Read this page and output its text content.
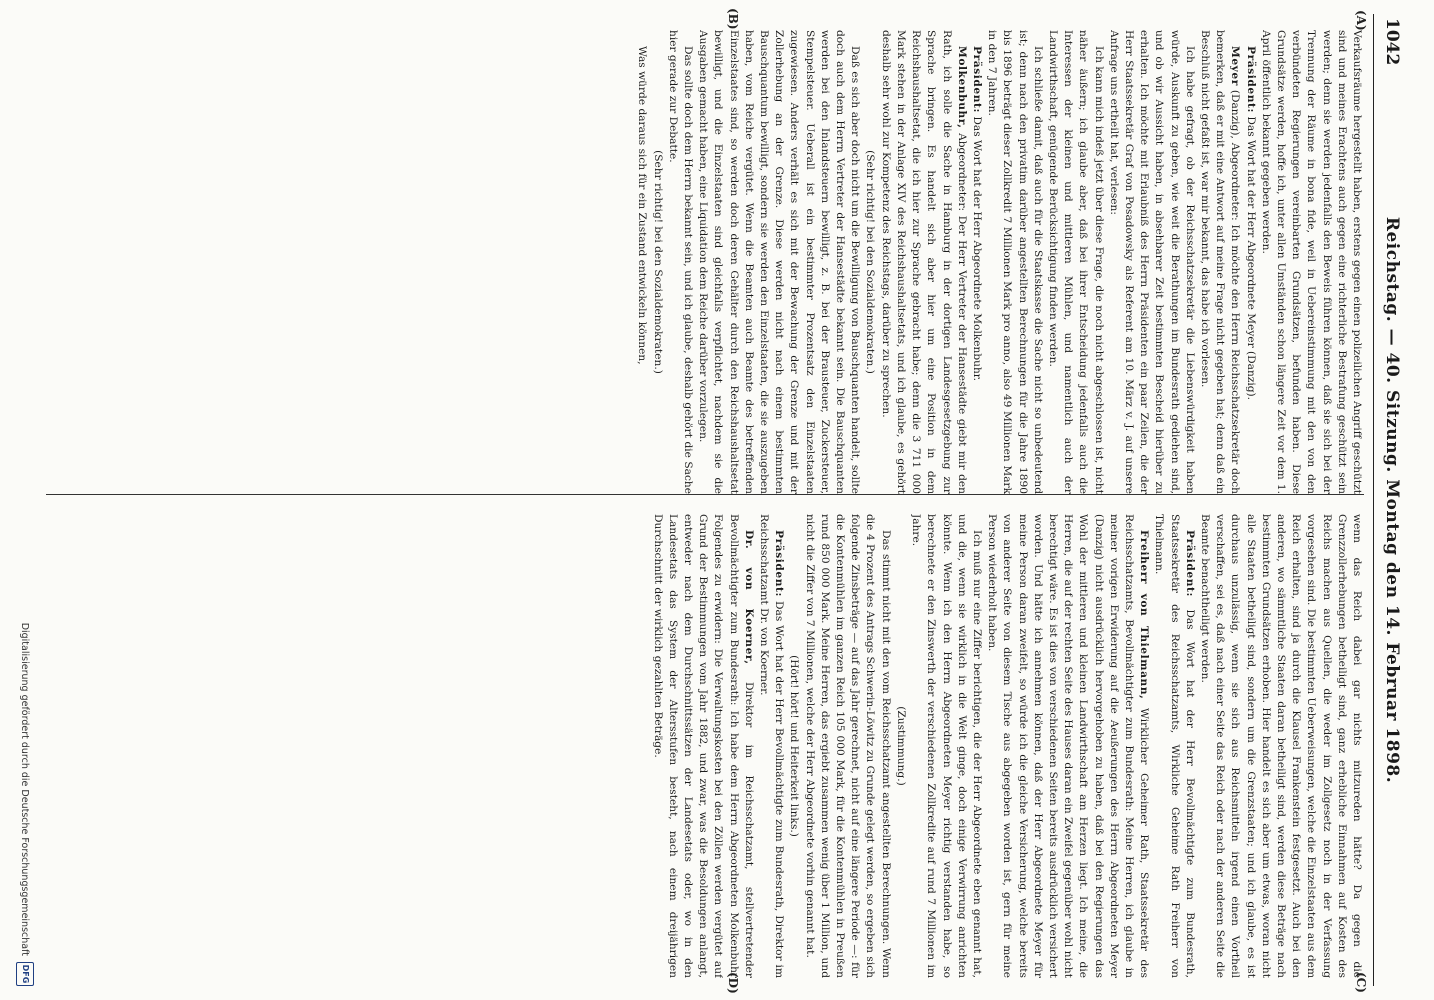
1042
Reichstag. — 40. Sitzung. Montag den 14. Februar 1898.
(A)
(B)
(C)
(D)

Verkaufsräume hergestellt haben, erstens gegen einen polizeilichen Angriff geschützt sind und meines Erachtens auch gegen eine richterliche Bestrafung geschützt sein werden; denn sie werden jedenfalls den Beweis führen können, daß sie sich bei der Trennung der Räume in bona fide, weil in Uebereinstimmung mit den von den verbündeten Regierungen vereinbarten Grundsätzen, befunden haben. Diese Grundsätze werden, hoffe ich, unter allen Umständen schon längere Zeit vor dem 1. April öffentlich bekannt gegeben werden.

Präsident: Das Wort hat der Herr Abgeordnete Meyer (Danzig).

Meyer (Danzig), Abgeordneter: Ich möchte den Herrn Reichsschatzsekretär doch bemerken, daß er mit eine Antwort auf meine Frage nicht gegeben hat; denn daß ein Beschluß nicht gefaßt ist, war mir bekannt, das habe ich vorlesen.

Ich habe gefragt, ob der Reichsschatzsekretär die Liebenswürdigkeit haben würde, Auskunft zu geben, wie weit die Berathungen im Bundesrath gediehen sind, und ob wir Aussicht haben, in absehbarer Zeit bestimmten Bescheid hierüber zu erhalten. Ich möchte mit Erlaubniß des Herrn Präsidenten ein paar Zeilen, die der Herr Staatssekretär Graf von Posadowsky als Referent am 10. März v. J. auf unsere Anfrage uns ertheilt hat, verlesen:

Ich kann mich indeß jetzt über diese Frage, die noch nicht abgeschlossen ist, nicht näher äußern; ich glaube aber, daß bei ihrer Entscheidung jedenfalls auch die Interessen der kleinen und mittleren Mühlen, und namentlich auch der Landwirthschaft, genügende Berücksichtigung finden werden.

Ich schließe damit, daß auch für die Staatskasse die Sache nicht so unbedeutend ist; denn nach den privatim darüber angestellten Berechnungen für die Jahre 1890 bis 1896 beträgt dieser Zollkredit 7 Millionen Mark pro anno, also 49 Millionen Mark in den 7 Jahren.

Präsident: Das Wort hat der Herr Abgeordnete Molkenbuhr.

Molkenbuhr, Abgeordneter: Der Herr Vertreter der Hansestädte giebt mir den Rath, ich solle die Sache in Hamburg in der dortigen Landesgesetzgebung zur Sprache bringen. Es handelt sich aber hier um eine Position in dem Reichshaushaltsetat, die ich hier zur Sprache gebracht habe; denn die 3 711 000 Mark stehen in der Anlage XIV des Reichshaushaltsetats, und ich glaube, es gehört deshalb sehr wohl zur Kompetenz des Reichstags, darüber zu sprechen.

(Sehr richtig! bei den Sozialdemokraten.)

Daß es sich aber doch nicht um die Bewilligung von Bauschquanten handelt, sollte doch auch dem Herrn Vertreter der Hansestädte bekannt sein. Die Bauschquanten werden bei den Inlandsteuern bewilligt, z. B. bei der Brausteuer, Zuckersteuer, Stempelsteuer. Ueberall ist ein bestimmter Prozentsatz den Einzelstaaten zugewiesen. Anders verhält es sich mit der Bewachung der Grenze und mit der Zollerhebung an der Grenze. Diese werden nicht nach einem bestimmten Bauschquantum bewilligt, sondern sie werden den Einzelstaaten, die sie auszugeben haben, vom Reiche vergütet. Wenn die Beamten auch Beamte des betreffenden Einzelstaates sind, so werden doch deren Gehälter durch den Reichshaushaltsetat bewilligt, und die Einzelstaaten sind gleichfalls verpflichtet, nachdem sie die Ausgaben gemacht haben, eine Liquidation dem Reiche darüber vorzulegen.

Das sollte doch dem Herrn bekannt sein, und ich glaube, deshalb gehört die Sache hier gerade zur Debatte.

(Sehr richtig! bei den Sozialdemokraten.)

Was würde daraus sich für ein Zustand entwickeln können,

wenn das Reich dabei gar nichts mitzureden hätte? Da gegen die Grenzzollerhebungen betheiligt sind, ganz erhebliche Einnahmen auf Kosten des Reichs machen aus Quellen, die weder im Zollgesetz noch in der Verfassung vorgesehen sind. Die bestimmten Ueberweisungen, welche die Einzelstaaten aus dem Reich erhalten, sind ja durch die Klausel Frankenstein festgesetzt. Auch bei den anderen, wo sämmtliche Staaten daran betheiligt sind, werden diese Beträge nach bestimmten Grundsätzen erhoben. Hier handelt es sich aber um etwas, woran nicht alle Staaten betheiligt sind, sondern um die Grenzstaaten; und ich glaube, es ist durchaus unzulässig, wenn sie sich aus Reichsmitteln irgend einen Vortheil verschaffen, sei es, daß nach einer Seite das Reich oder nach der anderen Seite die Beamte benachtheiligt werden.

Präsident: Das Wort hat der Herr Bevollmächtigte zum Bundesrath, Staatssekretär des Reichsschatzamts, Wirkliche Geheime Rath Freiherr von Thielmann.

Freiherr von Thielmann, Wirklicher Geheimer Rath, Staatssekretär des Reichsschatzamts, Bevollmächtigter zum Bundesrath: Meine Herren, ich glaube in meiner vorigen Erwiderung auf die Aeußerungen des Herrn Abgeordneten Meyer (Danzig) nicht ausdrücklich hervorgehoben zu haben, daß bei den Regierungen das Wohl der mittleren und kleinen Landwirthschaft am Herzen liegt. Ich meine, die Herren, die auf der rechten Seite des Hauses daran ein Zweifel gegenüber wohl nicht berechtigt wäre. Es ist dies von verschiedenen Seiten bereits ausdrücklich versichert worden. Und hätte ich annehmen können, daß der Herr Abgeordnete Meyer für meine Person daran zweifelt, so würde ich die gleiche Versicherung, welche bereits von anderer Seite von diesem Tische aus abgegeben worden ist, gern für meine Person wiederholt haben.

Ich muß nur eine Ziffer berichtigen, die der Herr Abgeordnete eben genannt hat, und die, wenn sie wirklich in die Welt ginge, doch einige Verwirrung anrichten könnte. Wenn ich den Herrn Abgeordneten Meyer richtig verstanden habe, so berechnete er den Zinswerth der verschiedenen Zollkredite auf rund 7 Millionen im Jahre.

(Zustimmung.)

Das stimmt nicht mit den vom Reichsschatzamt angestellten Berechnungen. Wenn die 4 Prozent des Antrags Schwerin-Löwitz zu Grunde gelegt werden, so ergeben sich folgende Zinsbeträge — auf das Jahr gerechnet, nicht auf eine längere Periode —: für die Kontenmühlen im ganzen Reich 105 000 Mark, für die Kontenmühlen in Preußen rund 850 000 Mark. Meine Herren, das ergiebt zusammen wenig über 1 Million, und nicht die Ziffer von 7 Millionen, welche der Herr Abgeordnete vorhin genannt hat.

(Hört! hört! und Heiterkeit links.)

Präsident: Das Wort hat der Herr Bevollmächtigte zum Bundesrath, Direktor im Reichsschatzamt Dr. von Koerner.

Dr. von Koerner, Direktor im Reichsschatzamt, stellvertretender Bevollmächtigter zum Bundesrath: Ich habe dem Herrn Abgeordneten Molkenbuhr Folgendes zu erwidern: Die Verwaltungskosten bei den Zöllen werden vergütet auf Grund der Bestimmungen vom Jahr 1882, und zwar, was die Besoldungen anlangt, entweder nach dem Durchschnittssätzen der Landesetats oder, wo in den Landesetats das System der Altersstufen besteht, nach einem dreijährigen Durchschnitt der wirklich gezahlten Beträge.

Digitalisierung gefördert durch die Deutsche Forschungsgemeinschaft
DFG
